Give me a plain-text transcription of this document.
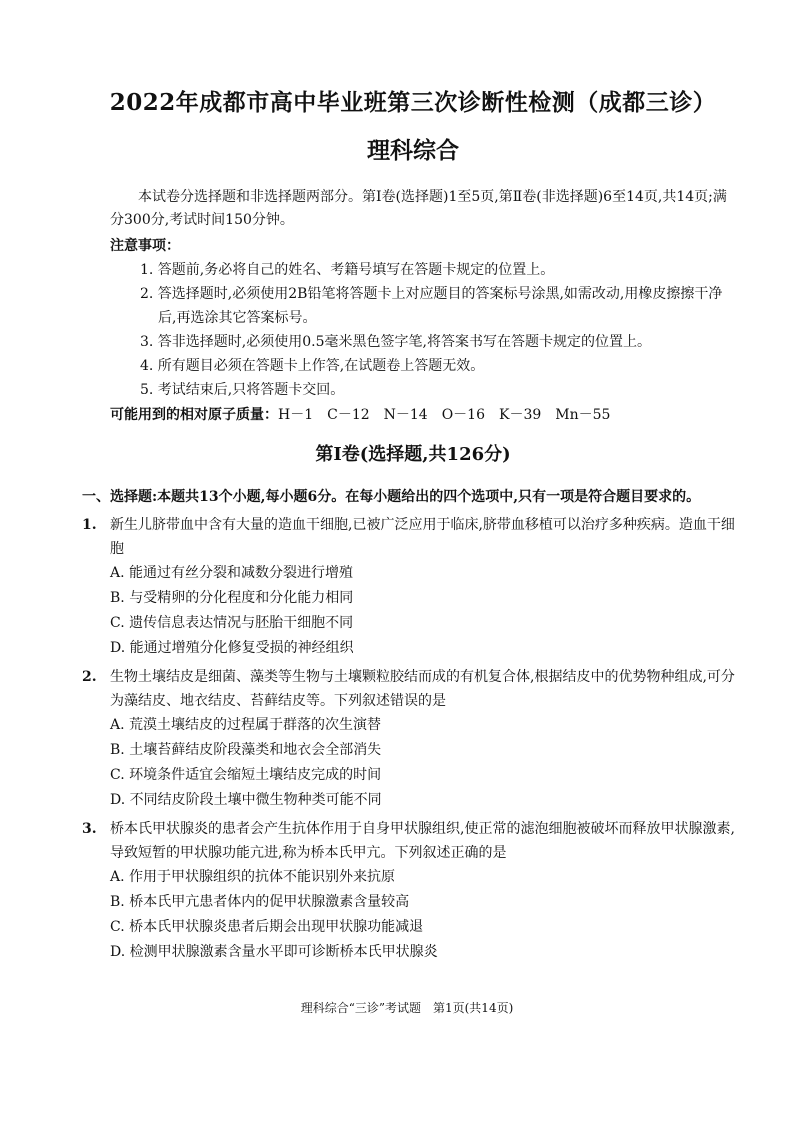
2022年成都市高中毕业班第三次诊断性检测（成都三诊）
理科综合

本试卷分选择题和非选择题两部分。第Ⅰ卷(选择题)1至5页,第Ⅱ卷(非选择题)6至14页,共14页;满分300分,考试时间150分钟。

注意事项：
1. 答题前,务必将自己的姓名、考籍号填写在答题卡规定的位置上。
2. 答选择题时,必须使用2B铅笔将答题卡上对应题目的答案标号涂黑,如需改动,用橡皮擦擦干净后,再选涂其它答案标号。
3. 答非选择题时,必须使用0.5毫米黑色签字笔,将答案书写在答题卡规定的位置上。
4. 所有题目必须在答题卡上作答,在试题卷上答题无效。
5. 考试结束后,只将答题卡交回。
可能用到的相对原子质量：H－1　C－12　N－14　O－16　K－39　Mn－55
第Ⅰ卷(选择题,共126分)
一、选择题:本题共13个小题,每小题6分。在每小题给出的四个选项中,只有一项是符合题目要求的。
1. 新生儿脐带血中含有大量的造血干细胞,已被广泛应用于临床,脐带血移植可以治疗多种疾病。造血干细胞
A. 能通过有丝分裂和减数分裂进行增殖
B. 与受精卵的分化程度和分化能力相同
C. 遗传信息表达情况与胚胎干细胞不同
D. 能通过增殖分化修复受损的神经组织
2. 生物土壤结皮是细菌、藻类等生物与土壤颗粒胶结而成的有机复合体,根据结皮中的优势物种组成,可分为藻结皮、地衣结皮、苔藓结皮等。下列叙述错误的是
A. 荒漠土壤结皮的过程属于群落的次生演替
B. 土壤苔藓结皮阶段藻类和地衣会全部消失
C. 环境条件适宜会缩短土壤结皮完成的时间
D. 不同结皮阶段土壤中微生物种类可能不同
3. 桥本氏甲状腺炎的患者会产生抗体作用于自身甲状腺组织,使正常的滤泡细胞被破坏而释放甲状腺激素,导致短暂的甲状腺功能亢进,称为桥本氏甲亢。下列叙述正确的是
A. 作用于甲状腺组织的抗体不能识别外来抗原
B. 桥本氏甲亢患者体内的促甲状腺激素含量较高
C. 桥本氏甲状腺炎患者后期会出现甲状腺功能减退
D. 检测甲状腺激素含量水平即可诊断桥本氏甲状腺炎
理科综合“三诊”考试题　第1页(共14页)
